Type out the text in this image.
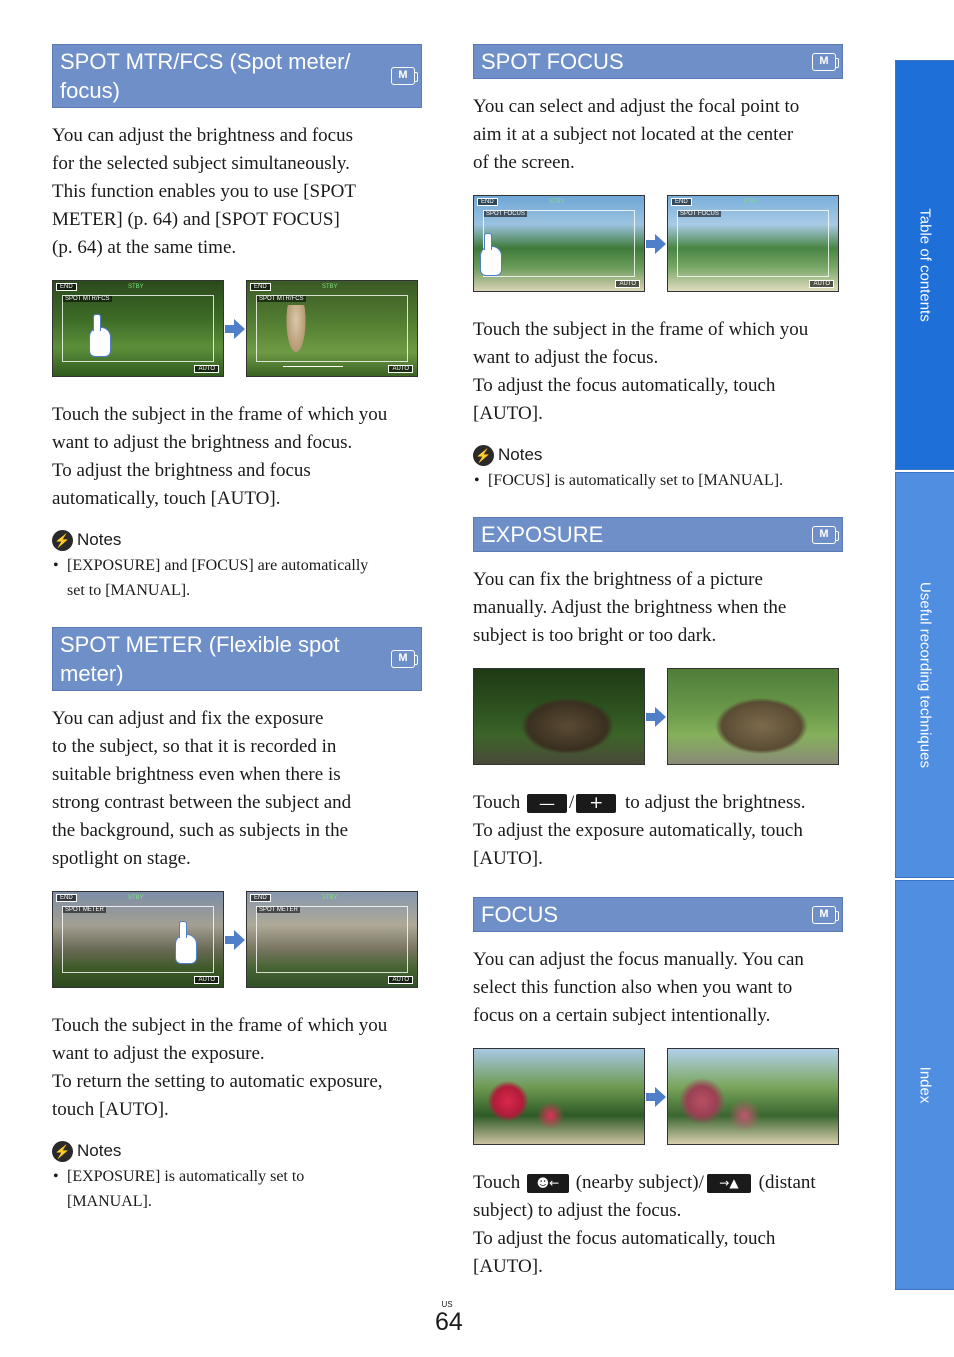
SPOT MTR/FCS (Spot meter/
focus)
M

You can adjust the brightness and focus

for the selected subject simultaneously.

This function enables you to use [SPOT

METER] (p. 64) and [SPOT FOCUS]

(p. 64) at the same time.

END	STBY
SPOT MTR/FCS
AUTO
END	STBY
SPOT MTR/FCS
AUTO

Touch the subject in the frame of which you

want to adjust the brightness and focus.

To adjust the brightness and focus

automatically, touch [AUTO].

⚡ Notes
• [EXPOSURE] and [FOCUS] are automatically
set to [MANUAL].
SPOT METER (Flexible spot
meter)
M

You can adjust and fix the exposure

to the subject, so that it is recorded in

suitable brightness even when there is

strong contrast between the subject and

the background, such as subjects in the

spotlight on stage.

END	STBY
SPOT METER
AUTO
END	STBY
SPOT METER
AUTO

Touch the subject in the frame of which you

want to adjust the exposure.

To return the setting to automatic exposure,

touch [AUTO].

⚡ Notes
• [EXPOSURE] is automatically set to
[MANUAL].
SPOT FOCUS	M

You can select and adjust the focal point to

aim it at a subject not located at the center

of the screen.

END	STBY
SPOT FOCUS
AUTO
END	STBY
SPOT FOCUS
AUTO

Touch the subject in the frame of which you

want to adjust the focus.

To adjust the focus automatically, touch

[AUTO].

⚡ Notes
• [FOCUS] is automatically set to [MANUAL].
EXPOSURE	M

You can fix the brightness of a picture

manually. Adjust the brightness when the

subject is too bright or too dark.

Touch — / + to adjust the brightness.

To adjust the exposure automatically, touch

[AUTO].

FOCUS	M

You can adjust the focus manually. You can

select this function also when you want to

focus on a certain subject intentionally.

Touch ☻← (nearby subject)/ →▲ (distant

subject) to adjust the focus.

To adjust the focus automatically, touch

[AUTO].

Table of contents
Useful recording techniques
Index
US
64
